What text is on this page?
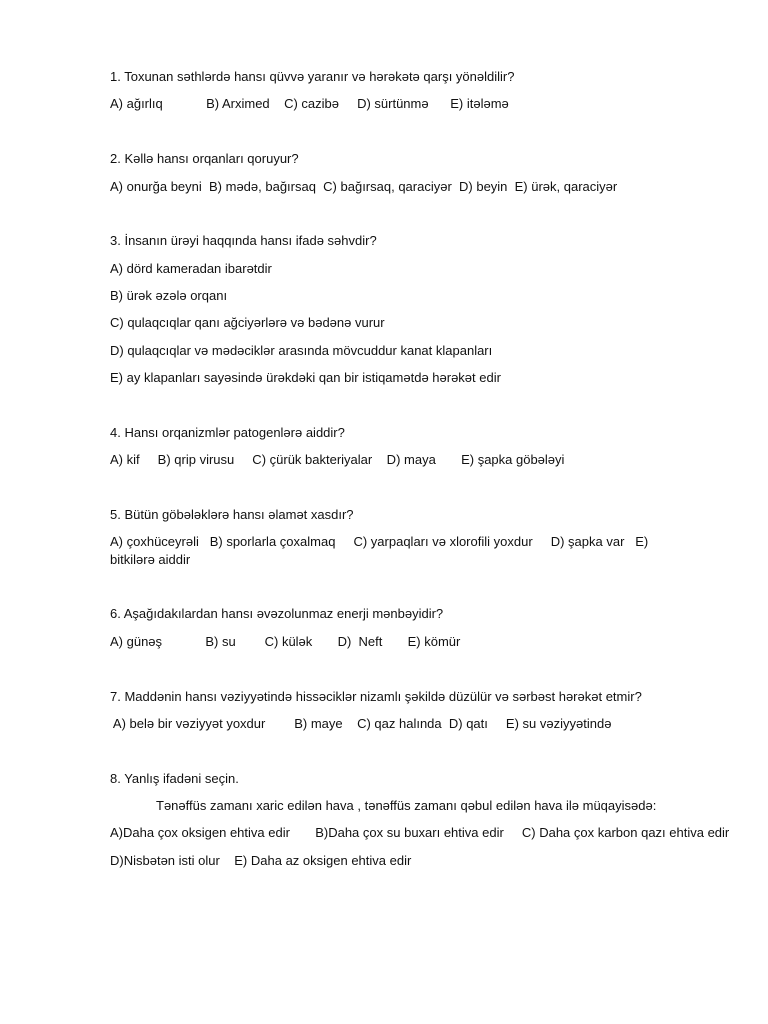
1. Toxunan səthlərdə hansı qüvvə yaranır və hərəkətə qarşı yönəldilir?
A) ağırlıq            B) Arximed    C) cazibə     D) sürtünmə      E) itələmə
2. Kəllə hansı orqanları qoruyur?
A) onurğa beyni  B) mədə, bağırsaq  C) bağırsaq, qaraciyər  D) beyin  E) ürək, qaraciyər
3. İnsanın ürəyi haqqında hansı ifadə səhvdir?
A) dörd kameradan ibarətdir
B) ürək əzələ orqanı
C) qulaqcıqlar qanı ağciyərlərə və bədənə vurur
D) qulaqcıqlar və mədəciklər arasında mövcuddur kanat klapanları
E) ay klapanları sayəsində ürəkdəki qan bir istiqamətdə hərəkət edir
4. Hansı orqanizmlər patogenlərə aiddir?
A) kif     B) qrip virusu     C) çürük bakteriyalar    D) maya       E) şapka göbələyi
5. Bütün göbələklərə hansı əlamət xasdır?
A) çoxhüceyrəli   B) sporlarla çoxalmaq     C) yarpaqları və xlorofili yoxdur     D) şapka var   E) bitkilərə aiddir
6. Aşağıdakılardan hansı əvəzolunmaz enerji mənbəyidir?
A) günəş            B) su        C) külək       D)  Neft       E) kömür
7. Maddənin hansı vəziyyətində hissəciklər nizamlı şəkildə düzülür və sərbəst hərəkət etmir?
A) belə bir vəziyyət yoxdur        B) maye    C) qaz halında  D) qatı     E) su vəziyyətində
8. Yanlış ifadəni seçin.
Tənəffüs zamanı xaric edilən hava , tənəffüs zamanı qəbul edilən hava ilə müqayisədə:
A)Daha çox oksigen ehtiva edir       B)Daha çox su buxarı ehtiva edir     C) Daha çox karbon qazı ehtiva edir
D)Nisbətən isti olur    E) Daha az oksigen ehtiva edir
